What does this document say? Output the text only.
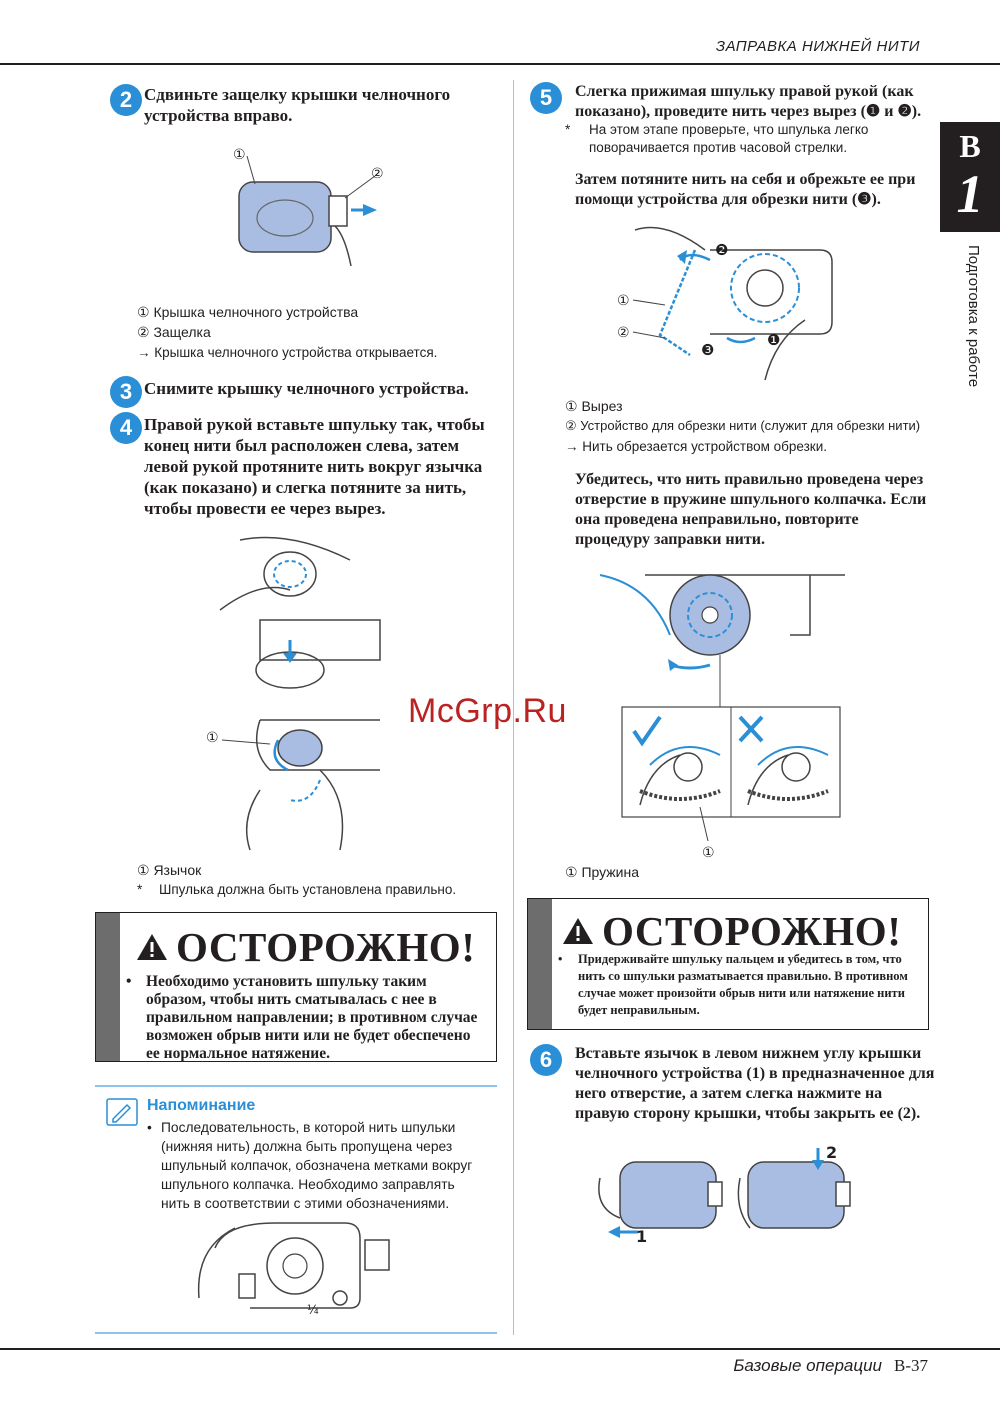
ЗАПРАВКА НИЖНЕЙ НИТИ
B
1
Подготовка к работе
2 Сдвиньте защелку крышки челночного устройства вправо.
①
②
① Крышка челночного устройства
② Защелка
→ Крышка челночного устройства открывается.
3 Снимите крышку челночного устройства.
4 Правой рукой вставьте шпульку так, чтобы конец нити был расположен слева, затем левой рукой протяните нить вокруг язычка (как показано) и слегка потяните за нить, чтобы провести ее через вырез.
①
① Язычок
* Шпулька должна быть установлена правильно.
ОСТОРОЖНО!
• Необходимо установить шпульку таким образом, чтобы нить сматывалась с нее в правильном направлении; в противном случае возможен обрыв нити или не будет обеспечено ее нормальное натяжение.
Напоминание
• Последовательность, в которой нить шпульки (нижняя нить) должна быть пропущена через шпульный колпачок, обозначена метками вокруг шпульного колпачка. Необходимо заправлять нить в соответствии с этими обозначениями.
¼
5	Слегка прижимая шпульку правой рукой (как показано), проведите нить через вырез (❶ и ❷).
*	На этом этапе проверьте, что шпулька легко поворачивается против часовой стрелки.
Затем потяните нить на себя и обрежьте ее при помощи устройства для обрезки нити (❸).
①
②
❷
❶
❸
① Вырез
② Устройство для обрезки нити (служит для обрезки нити)
→ Нить обрезается устройством обрезки.
Убедитесь, что нить правильно проведена через отверстие в пружине шпульного колпачка. Если она проведена неправильно, повторите процедуру заправки нити.
①
① Пружина
ОСТОРОЖНО!
•	Придерживайте шпульку пальцем и убедитесь в том, что нить со шпульки разматывается правильно. В противном случае может произойти обрыв нити или натяжение нити будет неправильным.
6	Вставьте язычок в левом нижнем углу крышки челночного устройства (1) в предназначенное для него отверстие, а затем слегка нажмите на правую сторону крышки, чтобы закрыть ее (2).
1
2
McGrp.Ru
Базовые операции B-37
